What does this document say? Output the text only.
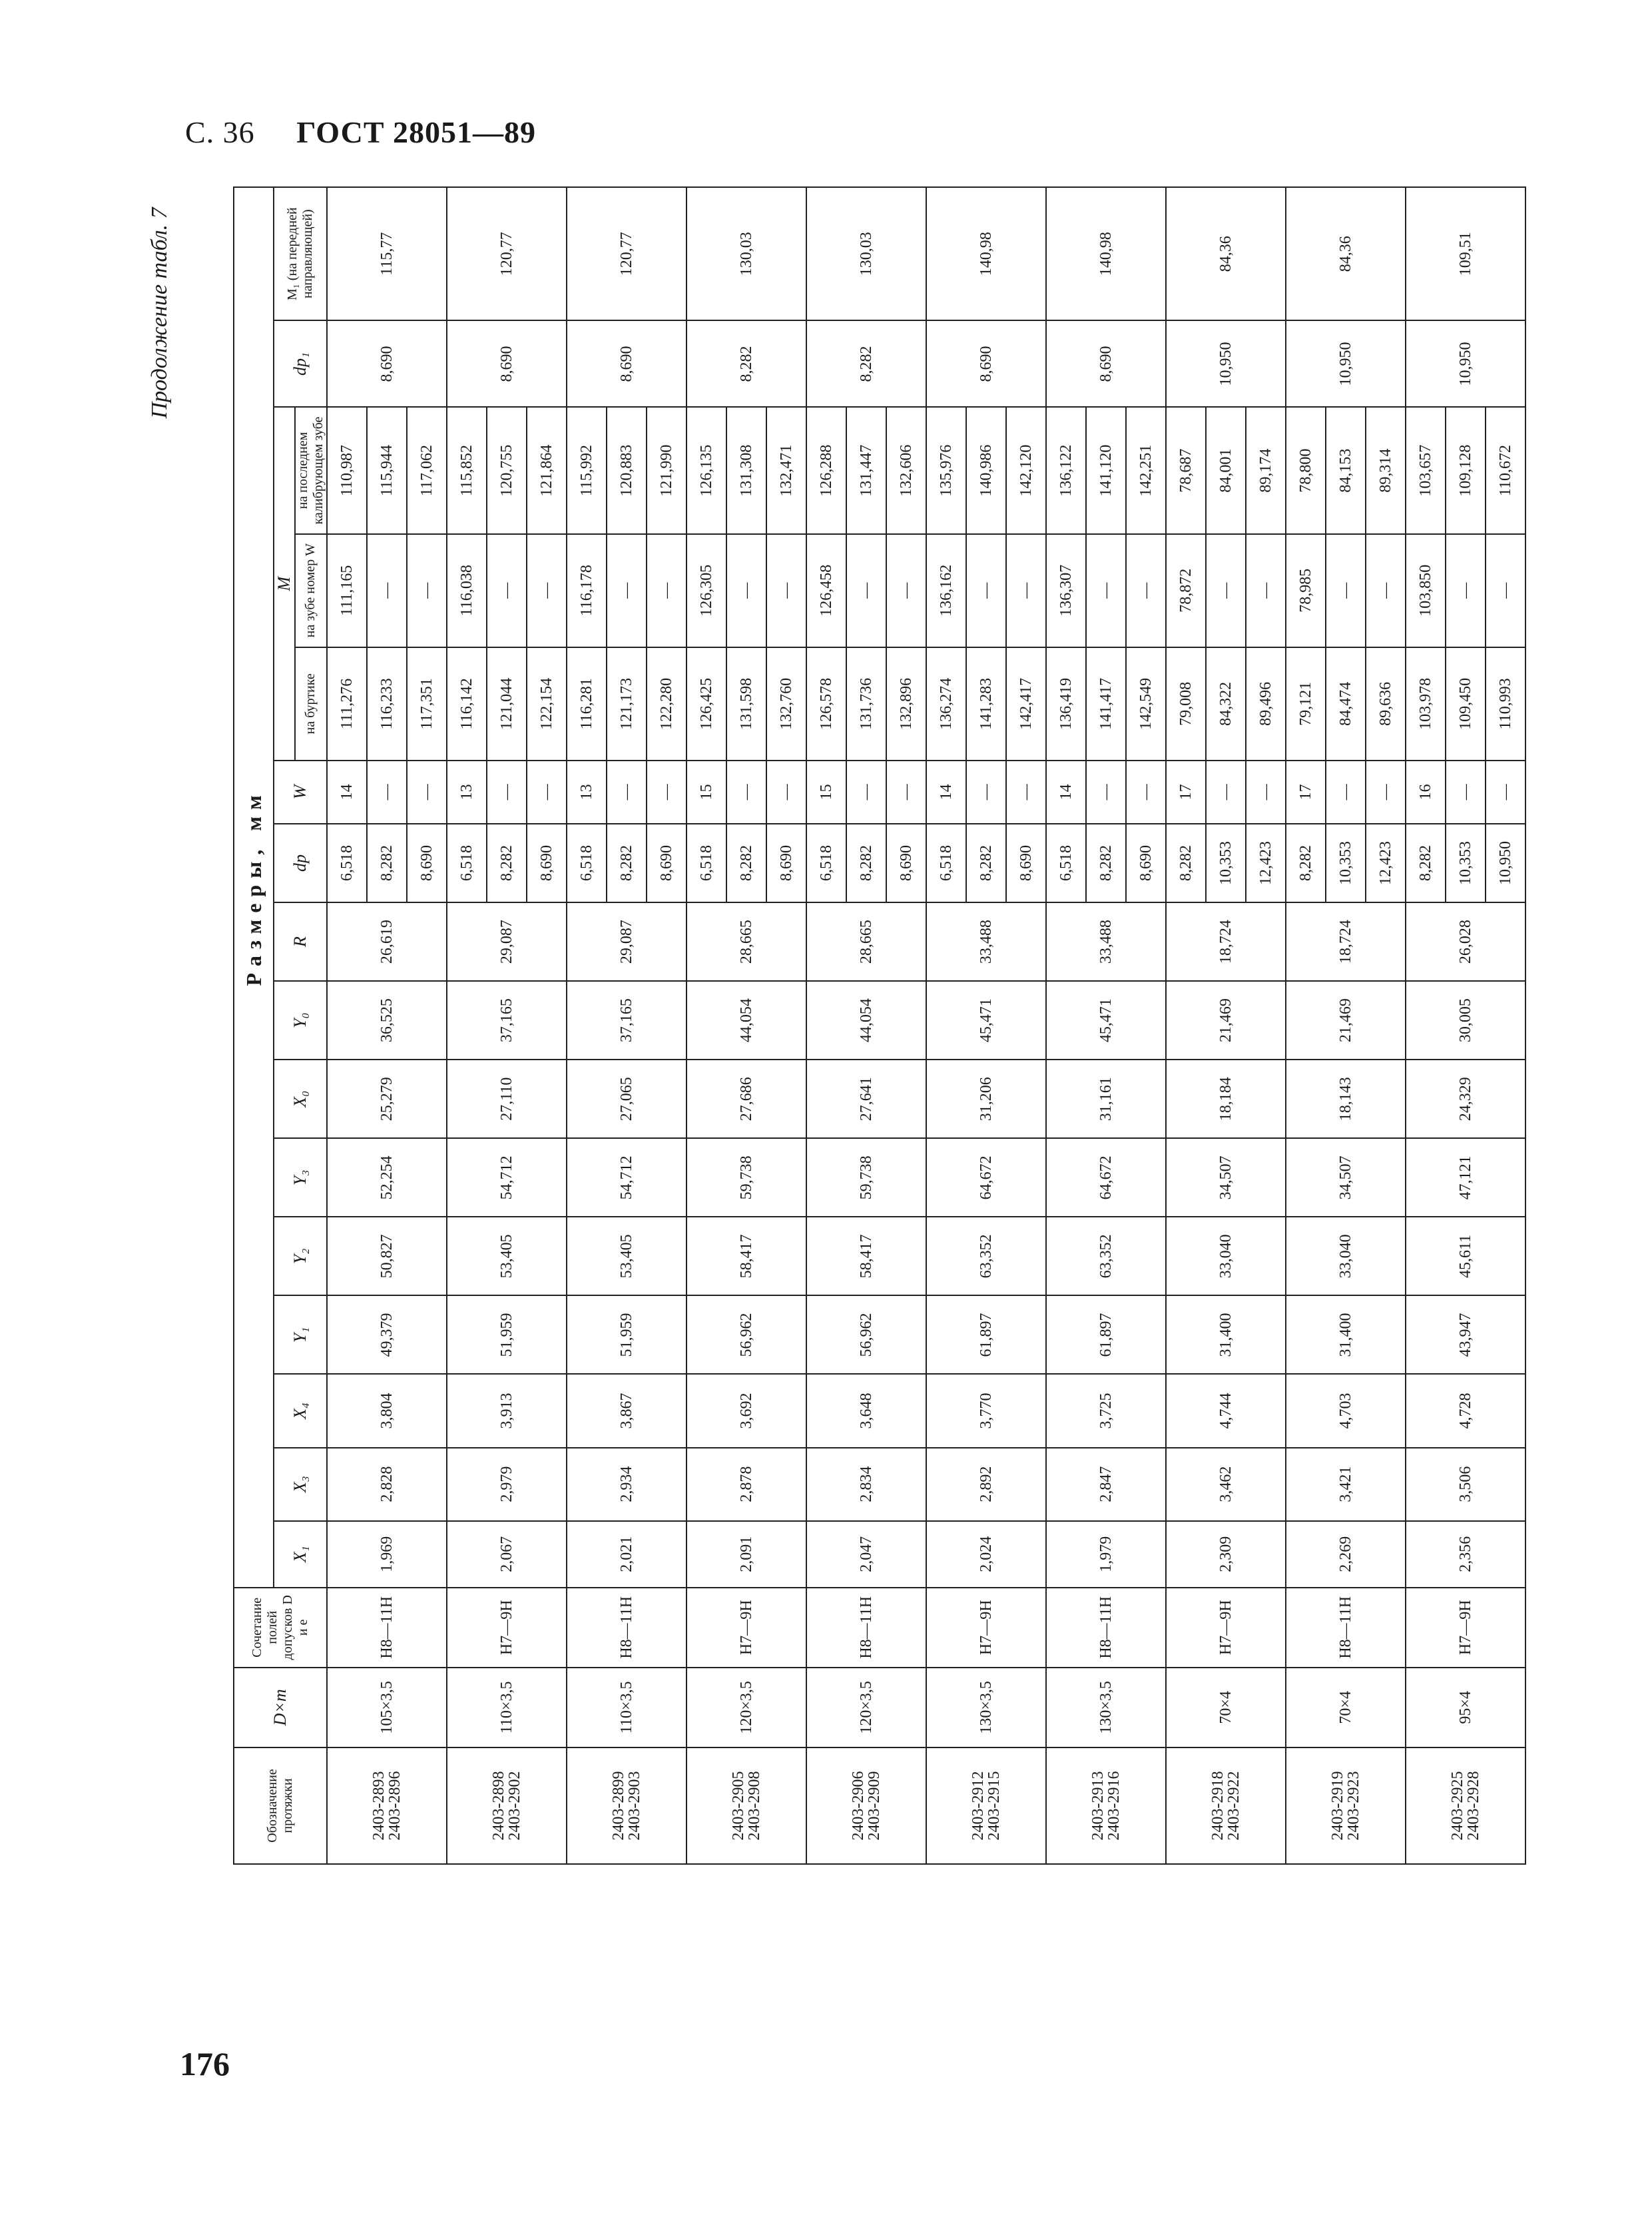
С. 36 ГОСТ 28051—89
Продолжение табл. 7
Обозначение протяжки	D×m	Сочетание полей допусков D и e	Размеры, мм															
			X₁	X₃	X₄	Y₁	Y₂	Y₃	X₀	Y₀	R	dp	W	M			dp₁	M₁ (на передней направляющей)
														на буртике	на зубе номер W	на последнем калибрующем зубе		
2403-2893 2403-2896	105×3,5	H8—11H	1,969	2,828	3,804	49,379	50,827	52,254	25,279	36,525	26,619	6,518	14	111,276	111,165	110,987	8,690	115,77
												8,282	—	116,233	—	115,944		
												8,690	—	117,351	—	117,062		
2403-2898 2403-2902	110×3,5	H7—9H	2,067	2,979	3,913	51,959	53,405	54,712	27,110	37,165	29,087	6,518	13	116,142	116,038	115,852	8,690	120,77
												8,282	—	121,044	—	120,755		
												8,690	—	122,154	—	121,864		
2403-2899 2403-2903	110×3,5	H8—11H	2,021	2,934	3,867	51,959	53,405	54,712	27,065	37,165	29,087	6,518	13	116,281	116,178	115,992	8,690	120,77
												8,282	—	121,173	—	120,883		
												8,690	—	122,280	—	121,990		
2403-2905 2403-2908	120×3,5	H7—9H	2,091	2,878	3,692	56,962	58,417	59,738	27,686	44,054	28,665	6,518	15	126,425	126,305	126,135	8,282	130,03
												8,282	—	131,598	—	131,308		
												8,690	—	132,760	—	132,471		
2403-2906 2403-2909	120×3,5	H8—11H	2,047	2,834	3,648	56,962	58,417	59,738	27,641	44,054	28,665	6,518	15	126,578	126,458	126,288	8,282	130,03
												8,282	—	131,736	—	131,447		
												8,690	—	132,896	—	132,606		
2403-2912 2403-2915	130×3,5	H7—9H	2,024	2,892	3,770	61,897	63,352	64,672	31,206	45,471	33,488	6,518	14	136,274	136,162	135,976	8,690	140,98
												8,282	—	141,283	—	140,986		
												8,690	—	142,417	—	142,120		
2403-2913 2403-2916	130×3,5	H8—11H	1,979	2,847	3,725	61,897	63,352	64,672	31,161	45,471	33,488	6,518	14	136,419	136,307	136,122	8,690	140,98
												8,282	—	141,417	—	141,120		
												8,690	—	142,549	—	142,251		
2403-2918 2403-2922	70×4	H7—9H	2,309	3,462	4,744	31,400	33,040	34,507	18,184	21,469	18,724	8,282	17	79,008	78,872	78,687	10,950	84,36
												10,353	—	84,322	—	84,001		
												12,423	—	89,496	—	89,174		
2403-2919 2403-2923	70×4	H8—11H	2,269	3,421	4,703	31,400	33,040	34,507	18,143	21,469	18,724	8,282	17	79,121	78,985	78,800	10,950	84,36
												10,353	—	84,474	—	84,153		
												12,423	—	89,636	—	89,314		
2403-2925 2403-2928	95×4	H7—9H	2,356	3,506	4,728	43,947	45,611	47,121	24,329	30,005	26,028	8,282	16	103,978	103,850	103,657	10,950	109,51
												10,353	—	109,450	—	109,128		
												10,950	—	110,993	—	110,672		
176
